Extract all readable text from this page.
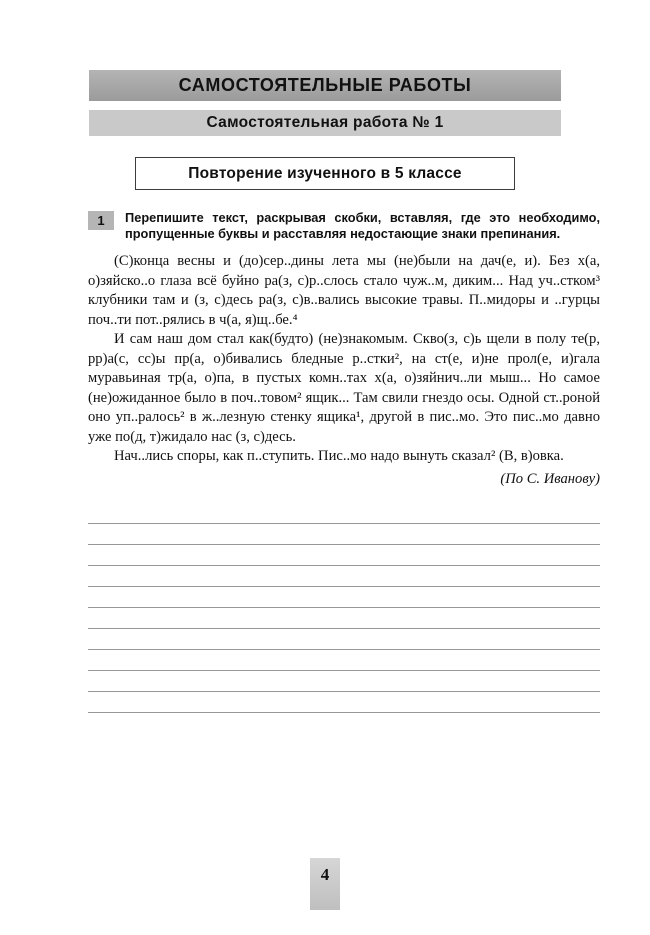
САМОСТОЯТЕЛЬНЫЕ РАБОТЫ
Самостоятельная работа № 1
Повторение изученного в 5 классе
1	Перепишите текст, раскрывая скобки, вставляя, где это необходимо, пропущенные буквы и расставляя недостающие знаки препинания.

(С)конца весны и (до)сер..дины лета мы (не)были на дач(е, и). Без х(а, о)зяйско..о глаза всё буйно ра(з, с)р..слось стало чуж..м, диким... Над уч..стком³ клубники там и (з, с)десь ра(з, с)в..вались высокие травы. П..мидоры и ..гурцы поч..ти пот..рялись в ч(а, я)щ..бе.⁴

И сам наш дом стал как(будто) (не)знакомым. Скво(з, с)ь щели в полу те(р, рр)а(с, сс)ы пр(а, о)бивались бледные р..стки², на ст(е, и)не прол(е, и)гала муравьиная тр(а, о)па, в пустых комн..тах х(а, о)зяйнич..ли мыш... Но самое (не)ожиданное было в поч..товом² ящик... Там свили гнездо осы. Одной ст..роной оно уп..ралось² в ж..лезную стенку ящика¹, другой в пис..мо. Это пис..мо давно уже по(д, т)жидало нас (з, с)десь.

Нач..лись споры, как п..ступить. Пис..мо надо вынуть сказал² (В, в)овка.

(По С. Иванову)

4
